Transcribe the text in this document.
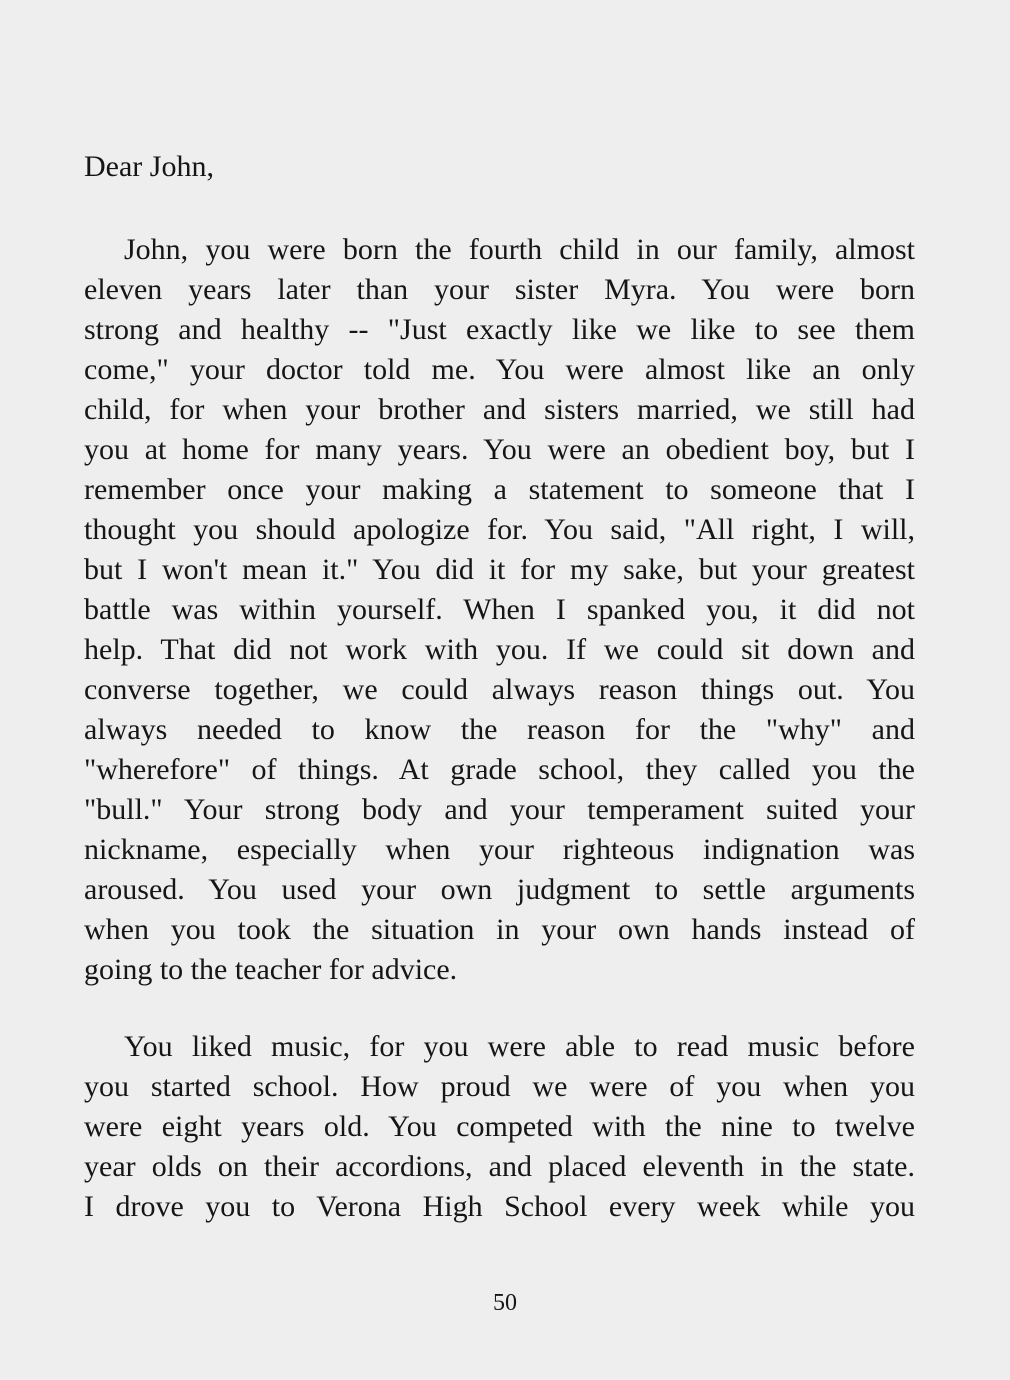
Dear John,
John, you were born the fourth child in our family, almost
eleven years later than your sister Myra. You were born
strong and healthy -- "Just exactly like we like to see them
come," your doctor told me. You were almost like an only
child, for when your brother and sisters married, we still had
you at home for many years. You were an obedient boy, but I
remember once your making a statement to someone that I
thought you should apologize for. You said, "All right, I will,
but I won't mean it." You did it for my sake, but your greatest
battle was within yourself. When I spanked you, it did not
help. That did not work with you. If we could sit down and
converse together, we could always reason things out. You
always needed to know the reason for the "why" and
"wherefore" of things. At grade school, they called you the
"bull." Your strong body and your temperament suited your
nickname, especially when your righteous indignation was
aroused. You used your own judgment to settle arguments
when you took the situation in your own hands instead of
going to the teacher for advice.
You liked music, for you were able to read music before
you started school. How proud we were of you when you
were eight years old. You competed with the nine to twelve
year olds on their accordions, and placed eleventh in the state.
I drove you to Verona High School every week while you
50
